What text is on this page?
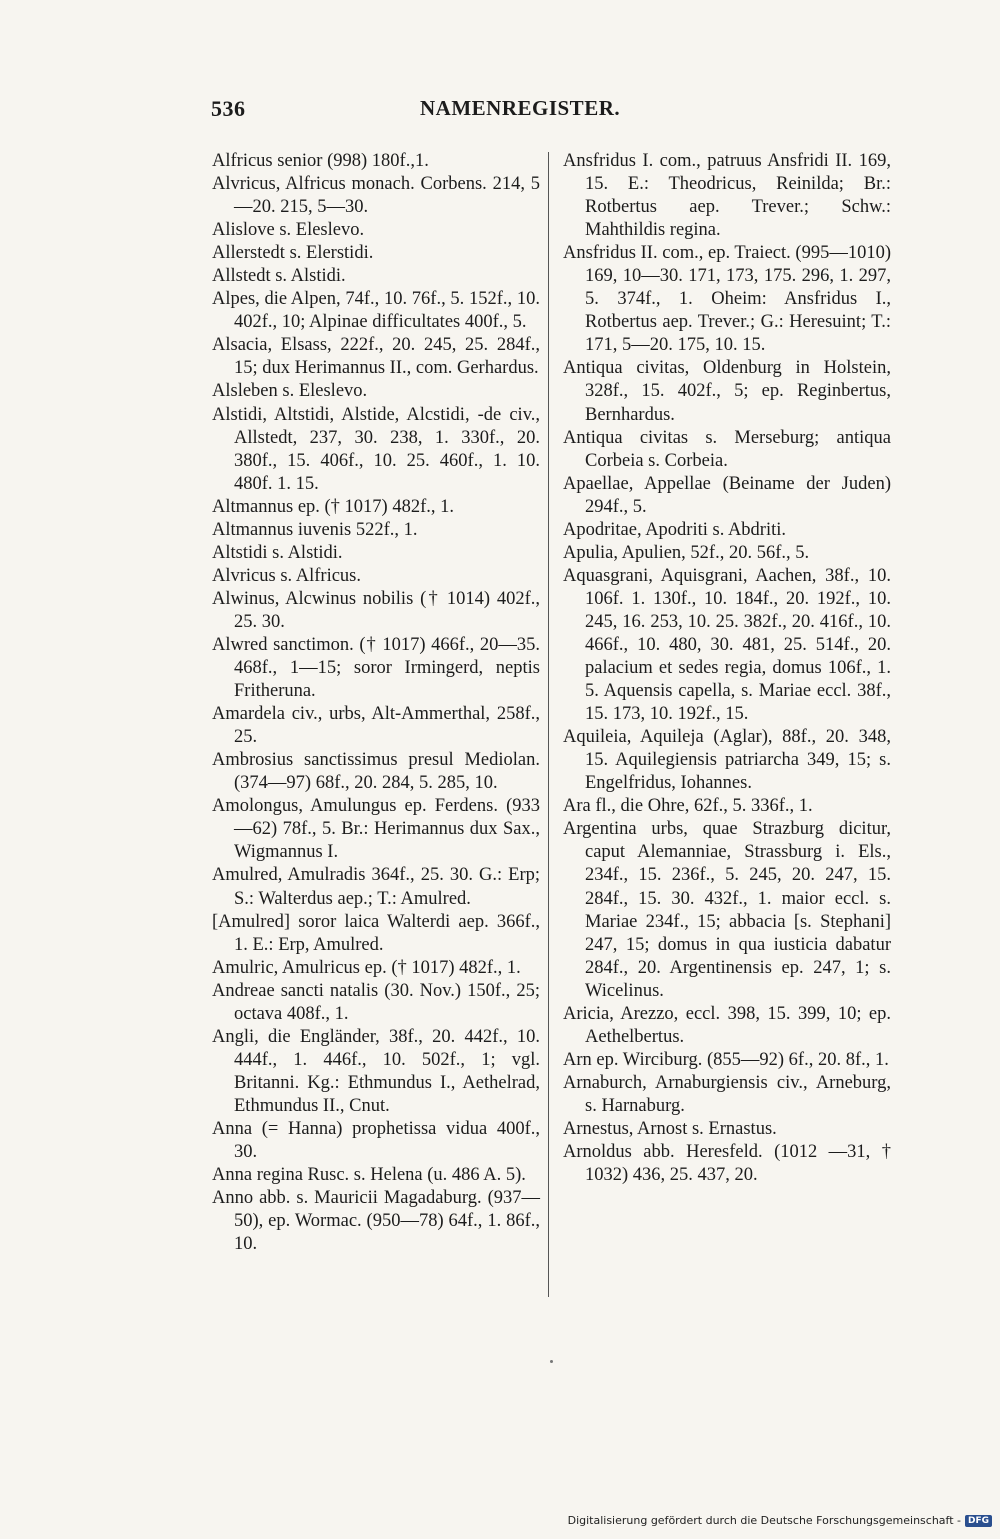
536	NAMENREGISTER.

Alfricus senior (998) 180f.,1.

Alvricus, Alfricus monach. Corbens. 214, 5—20. 215, 5—30.

Alislove s. Eleslevo.

Allerstedt s. Elerstidi.

Allstedt s. Alstidi.

Alpes, die Alpen, 74f., 10. 76f., 5. 152f., 10. 402f., 10; Alpinae difficultates 400f., 5.

Alsacia, Elsass, 222f., 20. 245, 25. 284f., 15; dux Herimannus II., com. Gerhardus.

Alsleben s. Eleslevo.

Alstidi, Altstidi, Alstide, Alcstidi, -de civ., Allstedt, 237, 30. 238, 1. 330f., 20. 380f., 15. 406f., 10. 25. 460f., 1. 10. 480f. 1. 15.

Altmannus ep. († 1017) 482f., 1.

Altmannus iuvenis 522f., 1.

Altstidi s. Alstidi.

Alvricus s. Alfricus.

Alwinus, Alcwinus nobilis († 1014) 402f., 25. 30.

Alwred sanctimon. († 1017) 466f., 20—35. 468f., 1—15; soror Irmingerd, neptis Fritheruna.

Amardela civ., urbs, Alt-Ammerthal, 258f., 25.

Ambrosius sanctissimus presul Mediolan. (374—97) 68f., 20. 284, 5. 285, 10.

Amolongus, Amulungus ep. Ferdens. (933—62) 78f., 5. Br.: Herimannus dux Sax., Wigmannus I.

Amulred, Amulradis 364f., 25. 30. G.: Erp; S.: Walterdus aep.; T.: Amulred.

[Amulred] soror laica Walterdi aep. 366f., 1. E.: Erp, Amulred.

Amulric, Amulricus ep. († 1017) 482f., 1.

Andreae sancti natalis (30. Nov.) 150f., 25; octava 408f., 1.

Angli, die Engländer, 38f., 20. 442f., 10. 444f., 1. 446f., 10. 502f., 1; vgl. Britanni. Kg.: Ethmundus I., Aethelrad, Ethmundus II., Cnut.

Anna (= Hanna) prophetissa vidua 400f., 30.

Anna regina Rusc. s. Helena (u. 486 A. 5).

Anno abb. s. Mauricii Magadaburg. (937—50), ep. Wormac. (950—78) 64f., 1. 86f., 10.

Ansfridus I. com., patruus Ansfridi II. 169, 15. E.: Theodricus, Reinilda; Br.: Rotbertus aep. Trever.; Schw.: Mahthildis regina.

Ansfridus II. com., ep. Traiect. (995—1010) 169, 10—30. 171, 173, 175. 296, 1. 297, 5. 374f., 1. Oheim: Ansfridus I., Rotbertus aep. Trever.; G.: Heresuint; T.: 171, 5—20. 175, 10. 15.

Antiqua civitas, Oldenburg in Holstein, 328f., 15. 402f., 5; ep. Reginbertus, Bernhardus.

Antiqua civitas s. Merseburg; antiqua Corbeia s. Corbeia.

Apaellae, Appellae (Beiname der Juden) 294f., 5.

Apodritae, Apodriti s. Abdriti.

Apulia, Apulien, 52f., 20. 56f., 5.

Aquasgrani, Aquisgrani, Aachen, 38f., 10. 106f. 1. 130f., 10. 184f., 20. 192f., 10. 245, 16. 253, 10. 25. 382f., 20. 416f., 10. 466f., 10. 480, 30. 481, 25. 514f., 20. palacium et sedes regia, domus 106f., 1. 5. Aquensis capella, s. Mariae eccl. 38f., 15. 173, 10. 192f., 15.

Aquileia, Aquileja (Aglar), 88f., 20. 348, 15. Aquilegiensis patriarcha 349, 15; s. Engelfridus, Iohannes.

Ara fl., die Ohre, 62f., 5. 336f., 1.

Argentina urbs, quae Strazburg dicitur, caput Alemanniae, Strassburg i. Els., 234f., 15. 236f., 5. 245, 20. 247, 15. 284f., 15. 30. 432f., 1. maior eccl. s. Mariae 234f., 15; abbacia [s. Stephani] 247, 15; domus in qua iusticia dabatur 284f., 20. Argentinensis ep. 247, 1; s. Wicelinus.

Aricia, Arezzo, eccl. 398, 15. 399, 10; ep. Aethelbertus.

Arn ep. Wirciburg. (855—92) 6f., 20. 8f., 1.

Arnaburch, Arnaburgiensis civ., Arneburg, s. Harnaburg.

Arnestus, Arnost s. Ernastus.

Arnoldus abb. Heresfeld. (1012 —31, † 1032) 436, 25. 437, 20.

Digitalisierung gefördert durch die Deutsche Forschungsgemeinschaft - DFG
